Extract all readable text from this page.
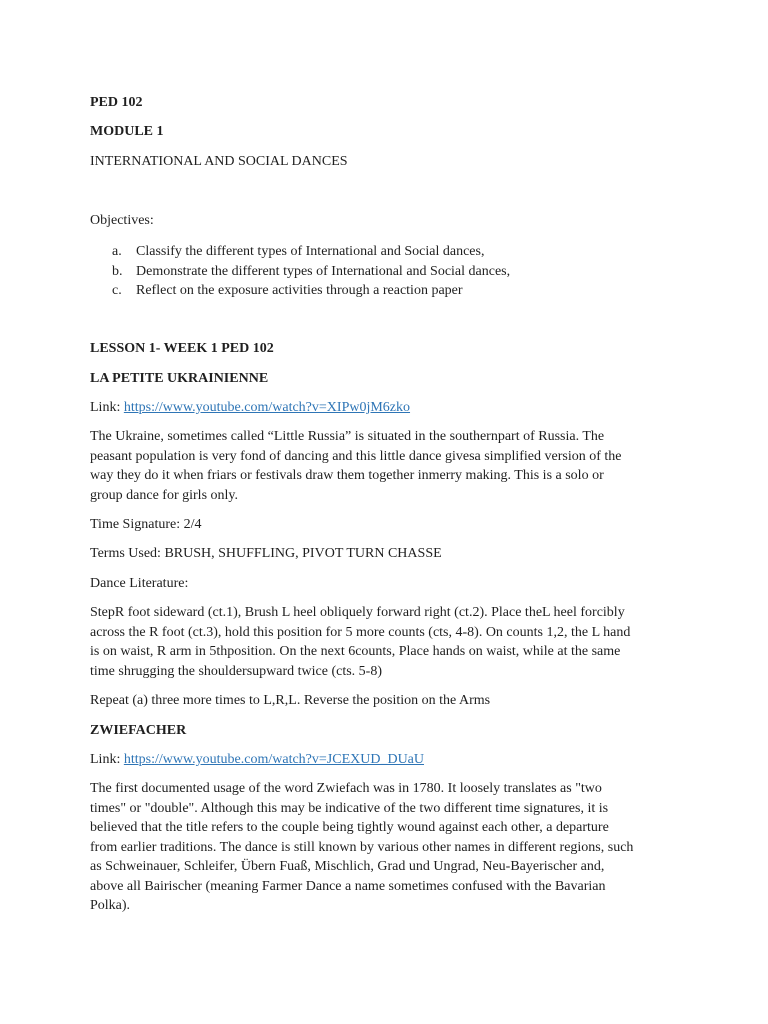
PED 102

MODULE 1

INTERNATIONAL AND SOCIAL DANCES

Objectives:

a. Classify the different types of International and Social dances,
b. Demonstrate the different types of International and Social dances,
c. Reflect on the exposure activities through a reaction paper

LESSON 1- WEEK 1 PED 102

LA PETITE UKRAINIENNE

Link: https://www.youtube.com/watch?v=XIPw0jM6zko

The Ukraine, sometimes called “Little Russia” is situated in the southernpart of Russia. The
peasant population is very fond of dancing and this little dance givesa simplified version of the
way they do it when friars or festivals draw them together inmerry making. This is a solo or
group dance for girls only.

Time Signature: 2/4

Terms Used: BRUSH, SHUFFLING, PIVOT TURN CHASSE

Dance Literature:

StepR foot sideward (ct.1), Brush L heel obliquely forward right (ct.2). Place theL heel forcibly
across the R foot (ct.3), hold this position for 5 more counts (cts, 4-8). On counts 1,2, the L hand
is on waist, R arm in 5thposition. On the next 6counts, Place hands on waist, while at the same
time shrugging the shouldersupward twice (cts. 5-8)

Repeat (a) three more times to L,R,L. Reverse the position on the Arms

ZWIEFACHER

Link: https://www.youtube.com/watch?v=JCEXUD_DUaU

The first documented usage of the word Zwiefach was in 1780. It loosely translates as "two
times" or "double". Although this may be indicative of the two different time signatures, it is
believed that the title refers to the couple being tightly wound against each other, a departure
from earlier traditions. The dance is still known by various other names in different regions, such
as Schweinauer, Schleifer, Übern Fuaß, Mischlich, Grad und Ungrad, Neu-Bayerischer and,
above all Bairischer (meaning Farmer Dance a name sometimes confused with the Bavarian
Polka).
